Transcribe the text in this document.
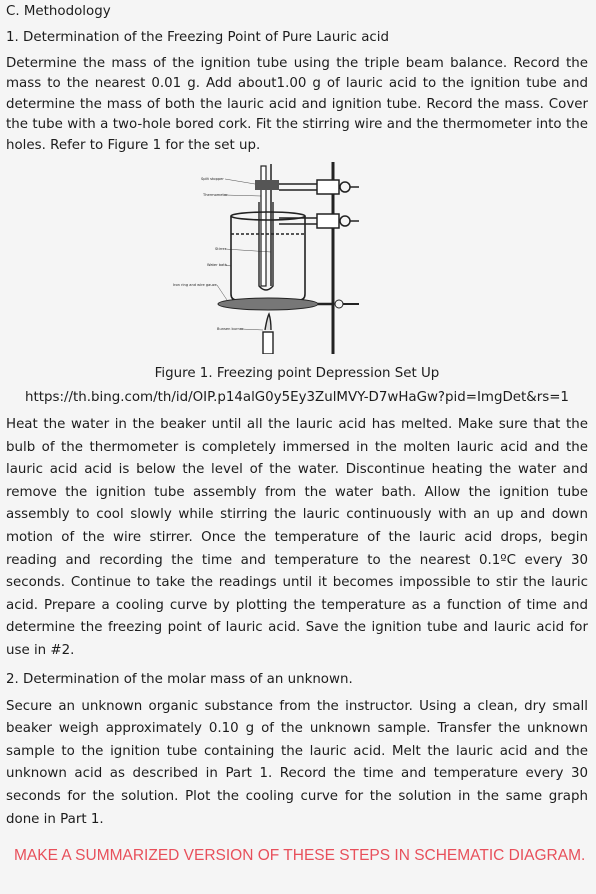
C. Methodology

1. Determination of the Freezing Point of Pure Lauric acid

Determine the mass of the ignition tube using the triple beam balance. Record the mass to the nearest 0.01 g. Add about1.00 g of lauric acid to the ignition tube and determine the mass of both the lauric acid and ignition tube. Record the mass. Cover the tube with a two-hole bored cork. Fit the stirring wire and the thermometer into the holes. Refer to Figure 1 for the set up.

Split stopper
Thermometer
Stirrer
Water bath
Iron ring and wire gauze
Bunsen burner

Figure 1. Freezing point Depression Set Up

https://th.bing.com/th/id/OIP.p14alG0y5Ey3ZulMVY-D7wHaGw?pid=ImgDet&rs=1

Heat the water in the beaker until all the lauric acid has melted. Make sure that the bulb of the thermometer is completely immersed in the molten lauric acid and the lauric acid acid is below the level of the water. Discontinue heating the water and remove the ignition tube assembly from the water bath. Allow the ignition tube assembly to cool slowly while stirring the lauric continuously with an up and down motion of the wire stirrer. Once the temperature of the lauric acid drops, begin reading and recording the time and temperature to the nearest 0.1ºC every 30 seconds. Continue to take the readings until it becomes impossible to stir the lauric acid. Prepare a cooling curve by plotting the temperature as a function of time and determine the freezing point of lauric acid. Save the ignition tube and lauric acid for use in #2.

2. Determination of the molar mass of an unknown.

Secure an unknown organic substance from the instructor. Using a clean, dry small beaker weigh approximately 0.10 g of the unknown sample. Transfer the unknown sample to the ignition tube containing the lauric acid. Melt the lauric acid and the unknown acid as described in Part 1. Record the time and temperature every 30 seconds for the solution. Plot the cooling curve for the solution in the same graph done in Part 1.

MAKE A SUMMARIZED VERSION OF THESE STEPS IN SCHEMATIC DIAGRAM.
